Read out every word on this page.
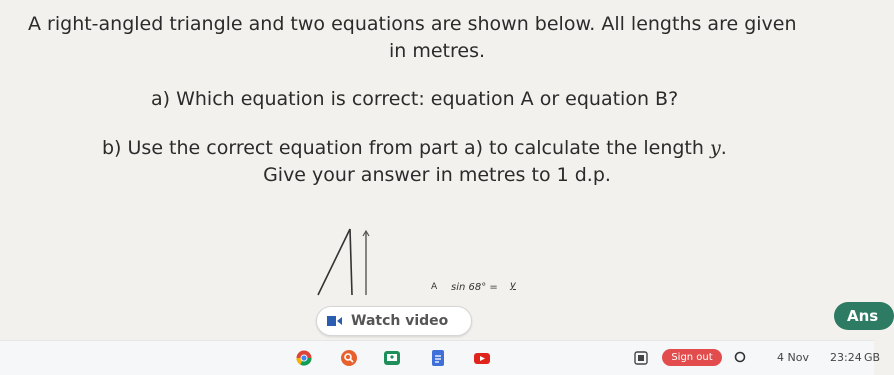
A right-angled triangle and two equations are shown below. All lengths are given
in metres.
a) Which equation is correct: equation A or equation B?
b) Use the correct equation from part a) to calculate the length y.
Give your answer in metres to 1 d.p.
A sin 68° = y
Watch video	Ans
Sign out	4 Nov 23:24 GB
